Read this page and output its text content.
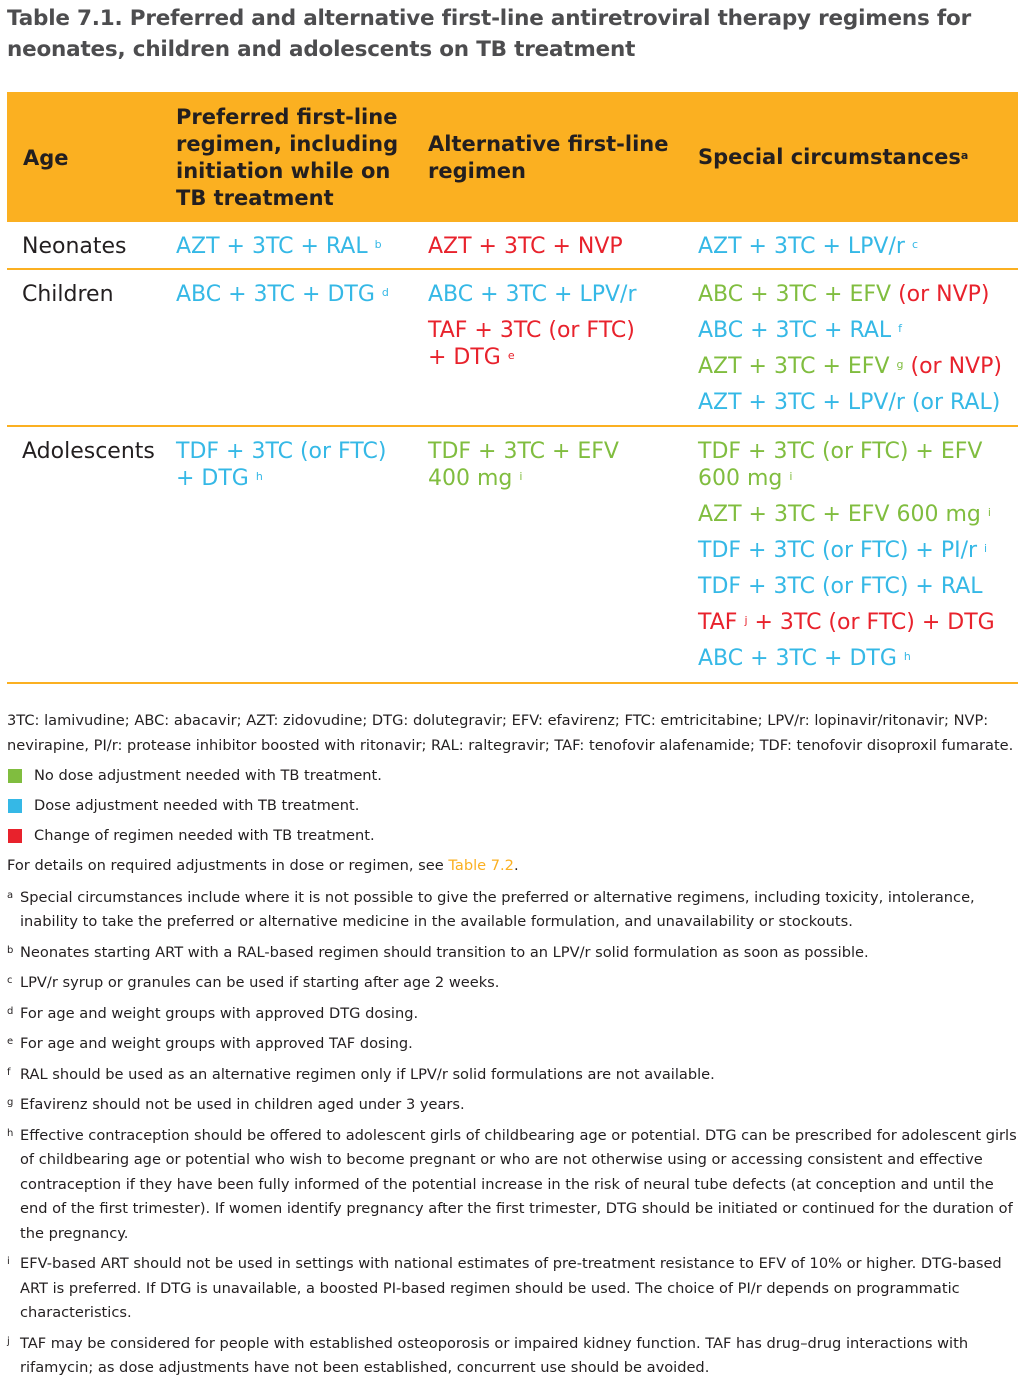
Table 7.1. Preferred and alternative first-line antiretroviral therapy regimens for
neonates, children and adolescents on TB treatment
Age
Preferred first-line
regimen, including
initiation while on
TB treatment
Alternative first-line
regimen
Special circumstances$^a$
Neonates AZT + 3TC + RAL $^b$ AZT + 3TC + NVP	AZT + 3TC + LPV/r $^c$
Children	ABC + 3TC + DTG $^d$ ABC + 3TC + LPV/r
TAF + 3TC (or FTC)
+ DTG $^e$
ABC + 3TC + EFV (or NVP)
ABC + 3TC + RAL $^f$
AZT + 3TC + EFV $^g$ (or NVP)
AZT + 3TC + LPV/r (or RAL)
Adolescents TDF + 3TC (or FTC)
+ DTG $^h$
TDF + 3TC + EFV
400 mg $^i$
TDF + 3TC (or FTC) + EFV
600 mg $^i$
AZT + 3TC + EFV 600 mg $^i$
TDF + 3TC (or FTC) + PI/r $^i$
TDF + 3TC (or FTC) + RAL
TAF $^j$ + 3TC (or FTC) + DTG
ABC + 3TC + DTG $^h$
3TC: lamivudine; ABC: abacavir; AZT: zidovudine; DTG: dolutegravir; EFV: efavirenz; FTC: emtricitabine; LPV/r: lopinavir/ritonavir; NVP: nevirapine, PI/r: protease inhibitor boosted with ritonavir; RAL: raltegravir; TAF: tenofovir alafenamide; TDF: tenofovir disoproxil fumarate.
No dose adjustment needed with TB treatment.
Dose adjustment needed with TB treatment.
Change of regimen needed with TB treatment.
For details on required adjustments in dose or regimen, see Table 7.2.
a Special circumstances include where it is not possible to give the preferred or alternative regimens, including toxicity, intolerance, inability to take the preferred or alternative medicine in the available formulation, and unavailability or stockouts.
b Neonates starting ART with a RAL-based regimen should transition to an LPV/r solid formulation as soon as possible.
c LPV/r syrup or granules can be used if starting after age 2 weeks.
d For age and weight groups with approved DTG dosing.
e For age and weight groups with approved TAF dosing.
f RAL should be used as an alternative regimen only if LPV/r solid formulations are not available.
g Efavirenz should not be used in children aged under 3 years.
h Effective contraception should be offered to adolescent girls of childbearing age or potential. DTG can be prescribed for adolescent girls of childbearing age or potential who wish to become pregnant or who are not otherwise using or accessing consistent and effective contraception if they have been fully informed of the potential increase in the risk of neural tube defects (at conception and until the end of the first trimester). If women identify pregnancy after the first trimester, DTG should be initiated or continued for the duration of the pregnancy.
i EFV-based ART should not be used in settings with national estimates of pre-treatment resistance to EFV of 10% or higher. DTG-based ART is preferred. If DTG is unavailable, a boosted PI-based regimen should be used. The choice of PI/r depends on programmatic characteristics.
j TAF may be considered for people with established osteoporosis or impaired kidney function. TAF has drug–drug interactions with rifamycin; as dose adjustments have not been established, concurrent use should be avoided.
